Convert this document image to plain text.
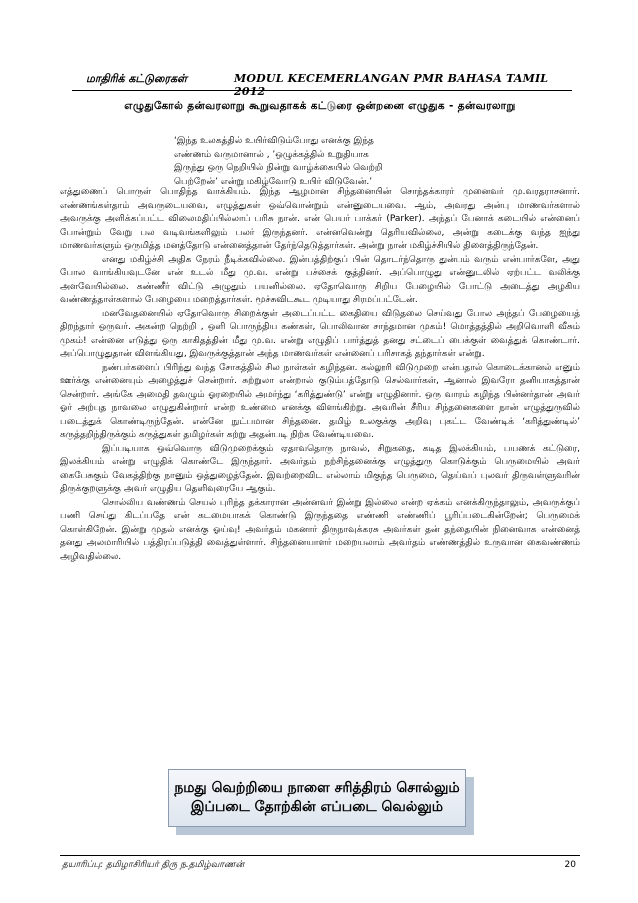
மாதிரிக் கட்டுரைகள்	MODUL KECEMERLANGAN PMR BAHASA TAMIL 2012
எழுதுகோல் தன்வரலாறு கூறுவதாகக் கட்டுரை ஒன்றனை எழுதுக - தன்வரலாறு
‘இந்த உலகத்தில் உயிர்விடும்போது எனக்கு இந்த
எண்ணம் வருமானால் , ’ஒழுக்கத்தில் உறுதியாக
இருந்து ஒரு நெறியில் நின்று வாழ்க்கையில் வெற்றி
பெற்றேன்’ என்று மகிழ்வோடு உயிர் விடுவேன்.’

எத்துணைப் பொருள் பொதிந்த வாக்கியம். இந்த ஆழமான சிந்தனையின் சொந்தக்காரர் முனைவர் மு.வரதராசனார். எண்ணங்கள்தாம் அவருடையவை, எழுத்துகள் ஒவ்வொன்றும் என்னுடையவை. ஆம், அவரது அன்பு மாணவர்களால் அவருக்கு அளிக்கப்பட்ட விலைமதிப்பில்லாப் பரிசு நான். என் பெயர் பாக்கர் (Parker). அந்தப் பேனாக் கடையில் என்னைப் போன்றும் வேறு பல வடிவங்களிலும் பலர் இருந்தனர். என்னவென்று தெரியவில்லை, அன்று கடைக்கு வந்த ஐந்து மாணவர்களும் ஒருமித்த மனத்தோடு என்னைத்தான் தேர்ந்தெடுத்தார்கள். அன்று நான் மகிழ்ச்சியில் திளைத்திருந்தேன்.

எனது மகிழ்ச்சி அதிக நேரம் நீடிக்கவில்லை. இன்பத்திற்குப் பின் தொடர்ந்தொரு துன்பம் வரும் என்பார்களே, அது போல வாங்கியவுடனே என் உடல் மீது மு.வ. என்று பச்சைக் குத்தினர். அப்பொழுது என்னுடலில் ஏற்பட்ட வலிக்கு அளவேயில்லை. கண்ணீர் விட்டு அழுதும் பயனில்லை. ஏதோவொரு சிறிய பேழையில் போட்டு அடைத்து அழகிய வண்ணத்தாள்களால் பேழையை மறைத்தார்கள். மூச்சுவிடகூட முடியாது சிரமப்பட்டேன்.

மனவேதனையில் ஏதோவொரு சிறைக்குள் அடைப்பட்ட கைதியை விடுதலை செய்வது போல அந்தப் பேழையைத் திறந்தார் ஒருவர். அகன்ற நெற்றி , ஒளி பொருந்திய கண்கள், பொலிவான சாந்தமான முகம்! மொத்தத்தில் அறிவொளி வீசும் முகம்! என்னை எடுத்து ஒரு காகிதத்தின் மீது மு.வ. என்று எழுதிப் பார்த்துத் தனது சட்டைப் பைக்குள் வைத்துக் கொண்டார். அப்பொழுதுதான் விளங்கியது, இவருக்குத்தான் அந்த மாணவர்கள் என்னைப் பரிசாகத் தந்தார்கள் என்று.

நண்பர்களைப் பிரிந்து வந்த சோகத்தில் சில நாள்கள் கழிந்தன. கல்லூரி விடுமுறை என்பதால் கொடைக்கானல் எனும் ஊர்க்கு என்னையும் அழைத்துச் சென்றார். சுற்றுலா என்றால் குடும்பத்தோடு செல்வார்கள், ஆனால் இவரோ தனியாகத்தான் சென்றார். அங்கே அமைதி தவழும் ஓரறையில் அமர்ந்து ‘கரித்துண்டு’ என்று எழுதினார். ஒரு வாரம் கழிந்த பின்னர்தான் அவர் ஓர் அற்புத நாவலை எழுதுகின்றார் என்ற உண்மை எனக்கு விளங்கிற்று. அவரின் சீரிய சிந்தனைகளை நான் எழுத்துருவில் படைத்துக் கொண்டிருந்தேன். என்னே நுட்பமான சிந்தனை. தமிழ் உலகுக்கு அறிவு புகட்ட வேண்டிக் ‘கரித்துண்டில்’ கருத்தறிந்திருக்கும் கருத்துகள் தமிழர்கள் கற்று அதன்படி நிற்க வேண்டியவை.

இப்படியாக ஒவ்வொரு விடுமுறைக்கும் ஏதாவதொரு நாவல், சிறுகதை, கடித இலக்கியம், பயணக் கட்டுரை, இலக்கியம் என்று எழுதிக் கொண்டே இருந்தார். அவர்தம் நற்சிந்தனைக்கு எழுத்துரு கொடுக்கும் பெருமையில் அவர் கைபேசுகும் வேகத்திற்கு நானும் ஒத்துழைத்தேன். இவற்றைவிட எல்லாம் மிகுந்த பெருமை, தெய்வப் புலவர் திருவள்ளுவரின் திருக்குறளுக்கு அவர் எழுதிய தெளிவுரையே ஆகும்.

சொல்லிய வண்ணம் செயல் புரிந்த தக்காரான அன்னவர் இன்று இல்லை என்ற ஏக்கம் எனக்கிருந்தாலும், அவருக்குப் பணி செய்து கிடப்பதே என் கடமையாகக் கொண்டு இருந்ததை எண்ணி எண்ணிப் பூரிப்படைகின்றேன்; பெருமைக் கொள்கிறேன். இன்று முதல் எனக்கு ஓய்வு! அவர்தம் மகனார் திருநாவுக்கரசு அவர்கள் தன் தந்தையின் நினைவாக என்னைத் தனது அலமாரியில் பத்திரப்படுத்தி வைத்துள்ளார். சிந்தனையாளர் மறையலாம் அவர்தம் எண்ணத்தில் உருவான கைவண்ணம் அழிவதில்லை.

நமது வெற்றியை நாளை சரித்திரம் சொல்லும்
இப்படை தோற்கின் எப்படை வெல்லும்
தயாரிப்பு: தமிழாசிரியர் திரு ந.தமிழ்வாணன்	20
